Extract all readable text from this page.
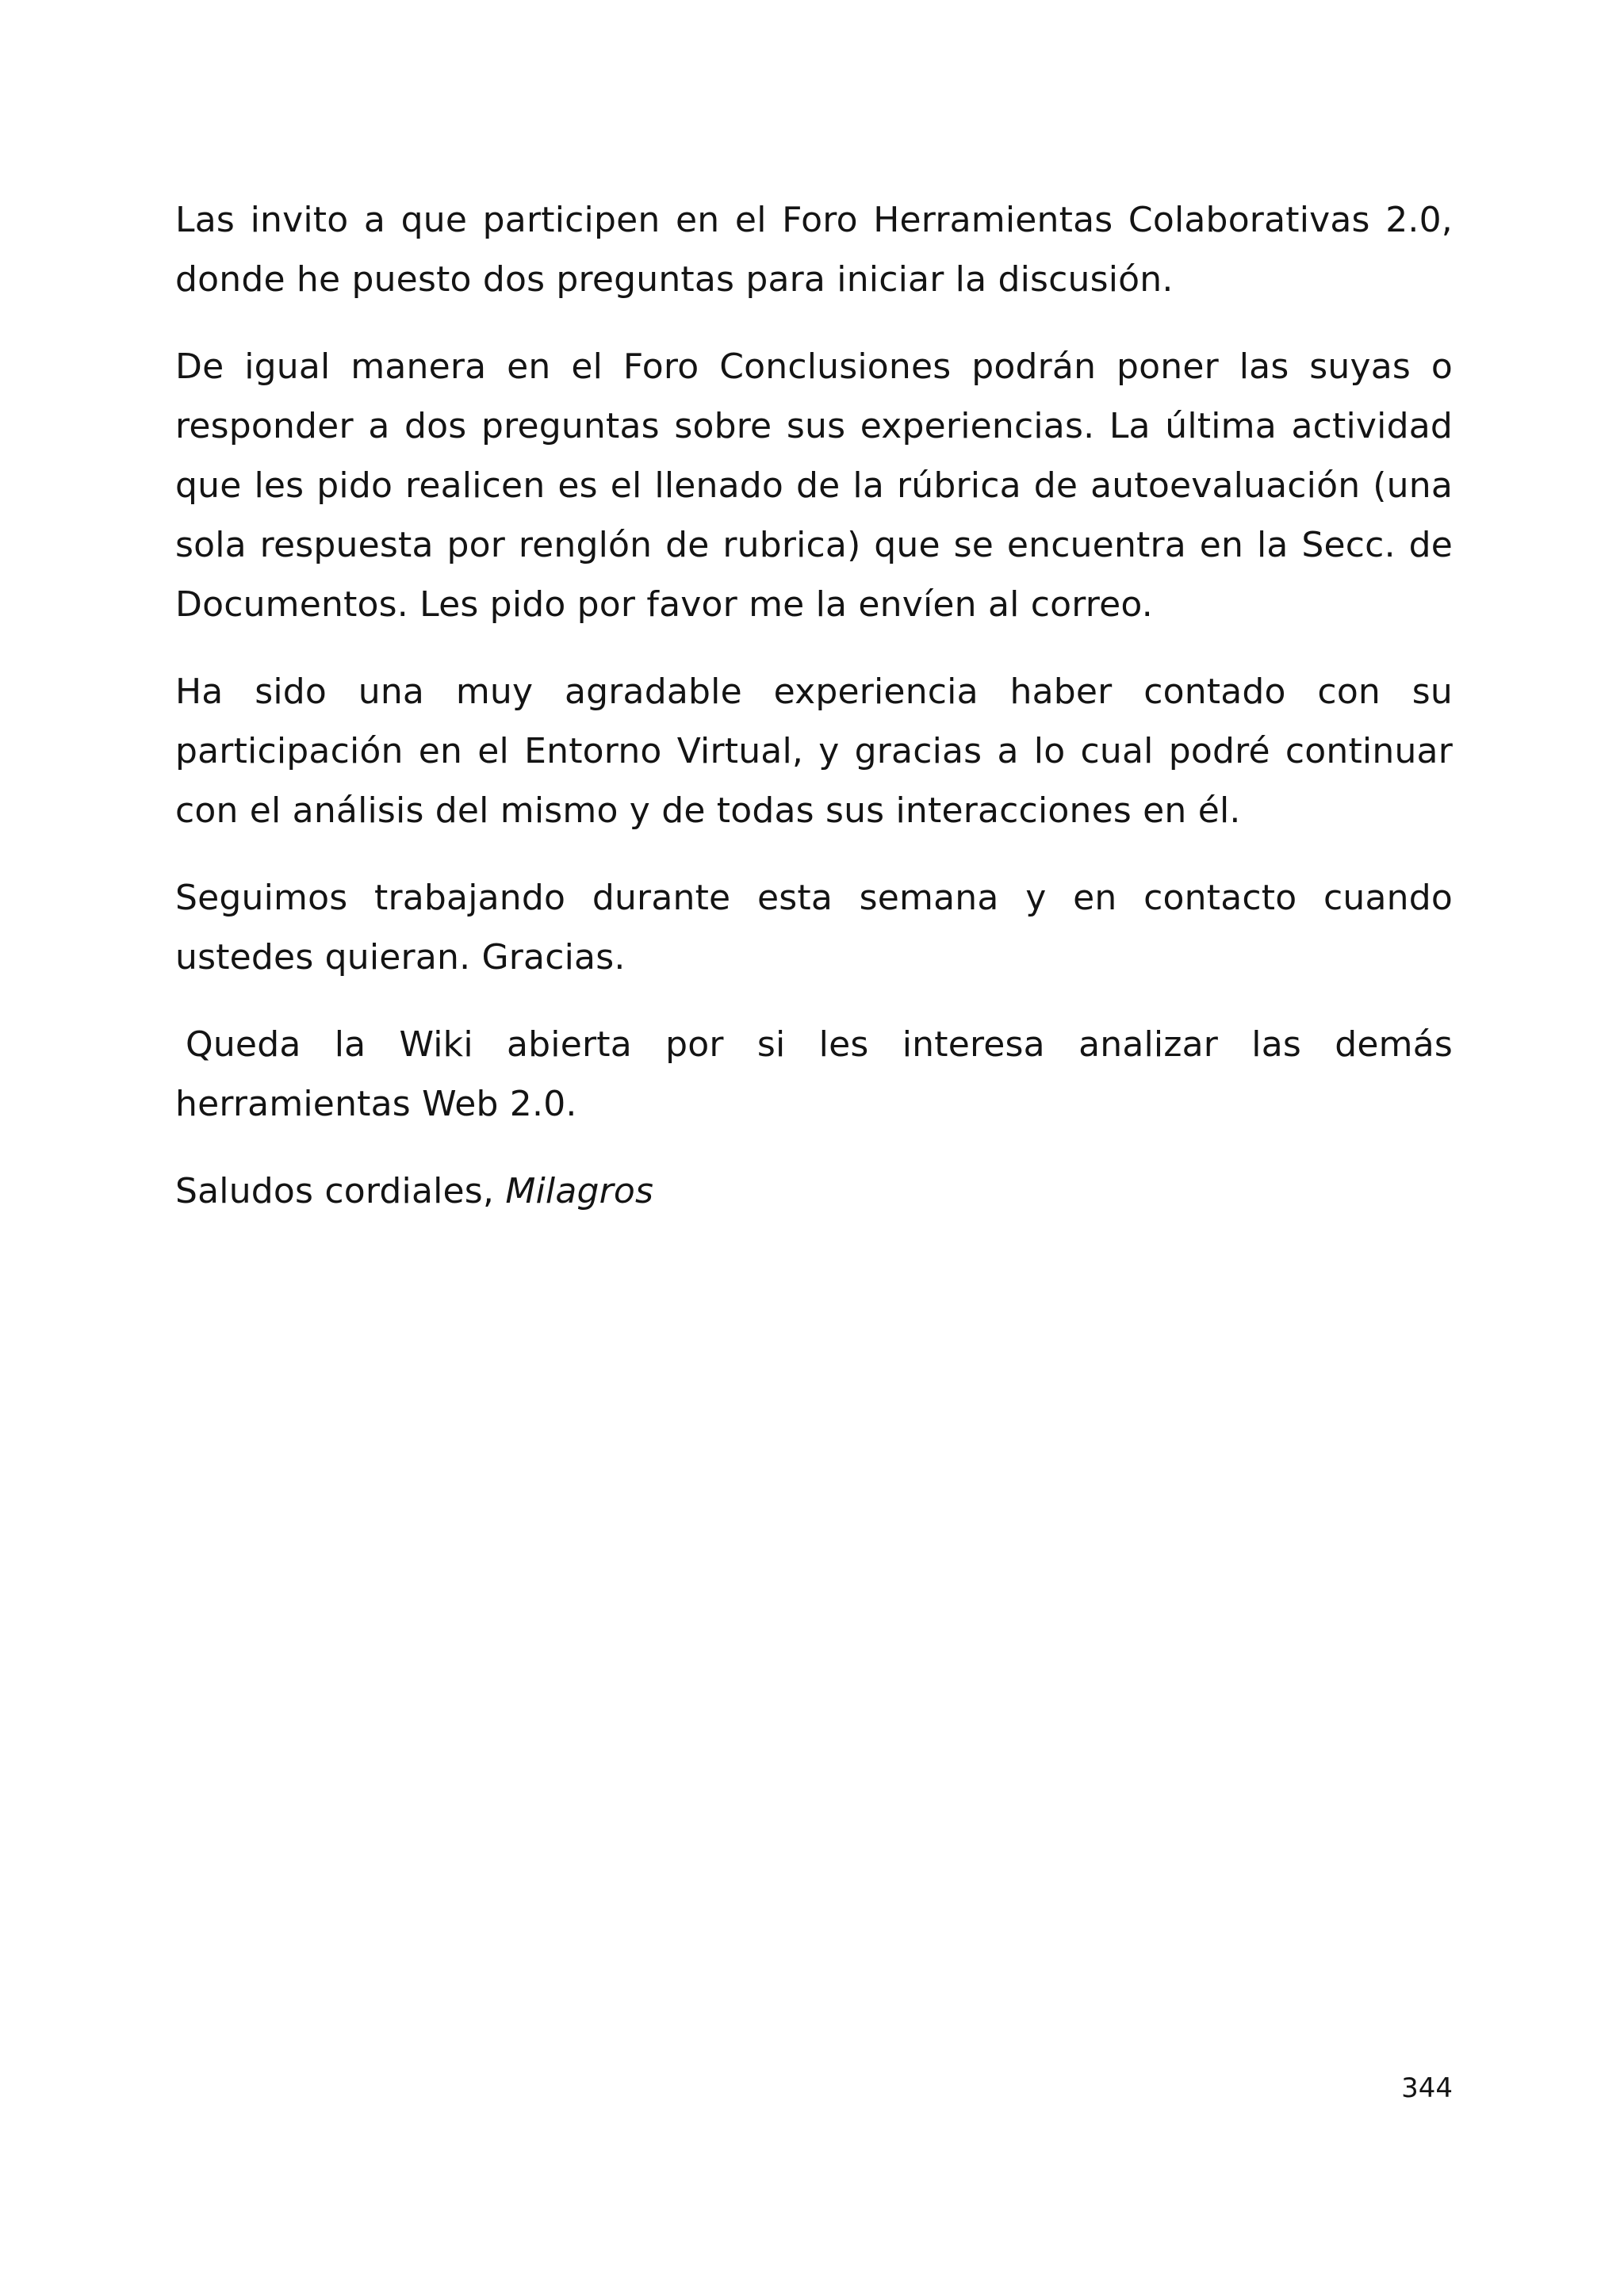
Las invito a que participen en el Foro Herramientas Colaborativas 2.0, donde he puesto dos preguntas para iniciar la discusión.

De igual manera en el Foro Conclusiones podrán poner las suyas o responder a dos preguntas sobre sus experiencias. La última actividad que les pido realicen es el llenado de la rúbrica de autoevaluación (una sola respuesta por renglón de rubrica) que se encuentra en la Secc. de Documentos. Les pido por favor me la envíen al correo.

Ha sido una muy agradable experiencia haber contado con su participación en el Entorno Virtual, y gracias a lo cual podré continuar con el análisis del mismo y de todas sus interacciones en él.

Seguimos trabajando durante esta semana y en contacto cuando ustedes quieran. Gracias.

Queda la Wiki abierta por si les interesa analizar las demás herramientas Web 2.0.

Saludos cordiales, Milagros

344
